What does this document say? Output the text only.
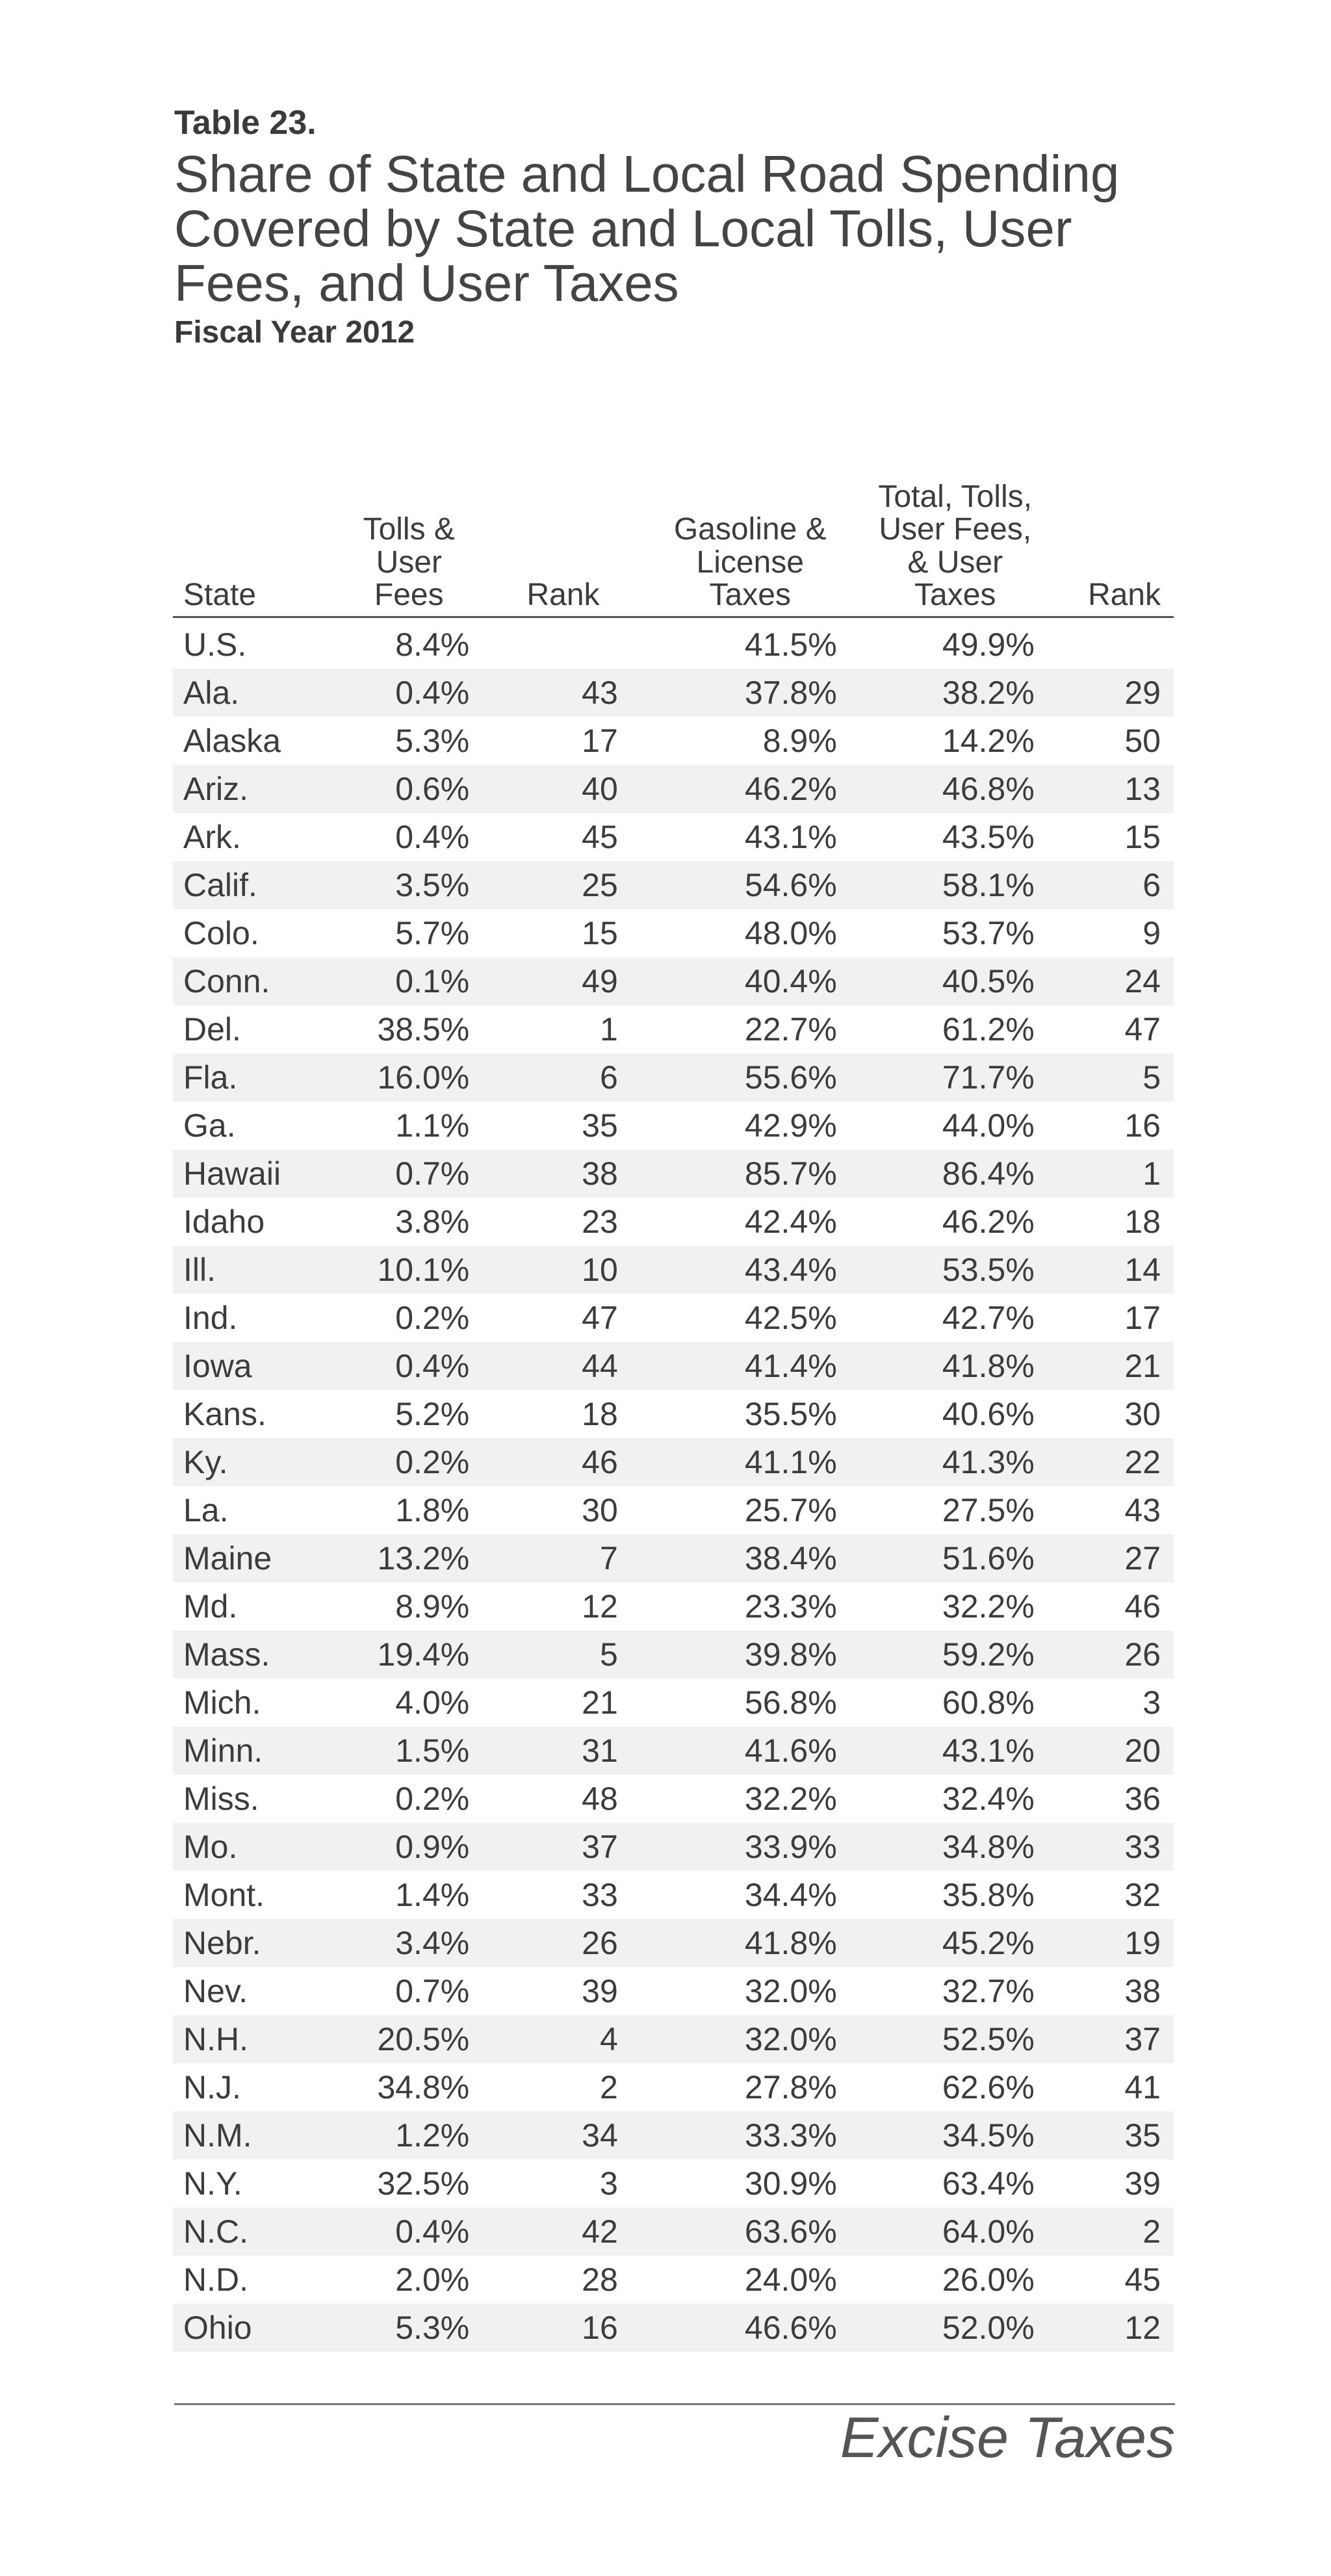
Table 23.
Share of State and Local Road Spending Covered by State and Local Tolls, User Fees, and User Taxes
Fiscal Year 2012
State	Tolls & User Fees	Rank	Gasoline & License Taxes	Total, Tolls, User Fees, & User Taxes	Rank
U.S.	8.4%		41.5%	49.9%	
Ala.	0.4%	43	37.8%	38.2%	29
Alaska	5.3%	17	8.9%	14.2%	50
Ariz.	0.6%	40	46.2%	46.8%	13
Ark.	0.4%	45	43.1%	43.5%	15
Calif.	3.5%	25	54.6%	58.1%	6
Colo.	5.7%	15	48.0%	53.7%	9
Conn.	0.1%	49	40.4%	40.5%	24
Del.	38.5%	1	22.7%	61.2%	47
Fla.	16.0%	6	55.6%	71.7%	5
Ga.	1.1%	35	42.9%	44.0%	16
Hawaii	0.7%	38	85.7%	86.4%	1
Idaho	3.8%	23	42.4%	46.2%	18
Ill.	10.1%	10	43.4%	53.5%	14
Ind.	0.2%	47	42.5%	42.7%	17
Iowa	0.4%	44	41.4%	41.8%	21
Kans.	5.2%	18	35.5%	40.6%	30
Ky.	0.2%	46	41.1%	41.3%	22
La.	1.8%	30	25.7%	27.5%	43
Maine	13.2%	7	38.4%	51.6%	27
Md.	8.9%	12	23.3%	32.2%	46
Mass.	19.4%	5	39.8%	59.2%	26
Mich.	4.0%	21	56.8%	60.8%	3
Minn.	1.5%	31	41.6%	43.1%	20
Miss.	0.2%	48	32.2%	32.4%	36
Mo.	0.9%	37	33.9%	34.8%	33
Mont.	1.4%	33	34.4%	35.8%	32
Nebr.	3.4%	26	41.8%	45.2%	19
Nev.	0.7%	39	32.0%	32.7%	38
N.H.	20.5%	4	32.0%	52.5%	37
N.J.	34.8%	2	27.8%	62.6%	41
N.M.	1.2%	34	33.3%	34.5%	35
N.Y.	32.5%	3	30.9%	63.4%	39
N.C.	0.4%	42	63.6%	64.0%	2
N.D.	2.0%	28	24.0%	26.0%	45
Ohio	5.3%	16	46.6%	52.0%	12
Excise Taxes
